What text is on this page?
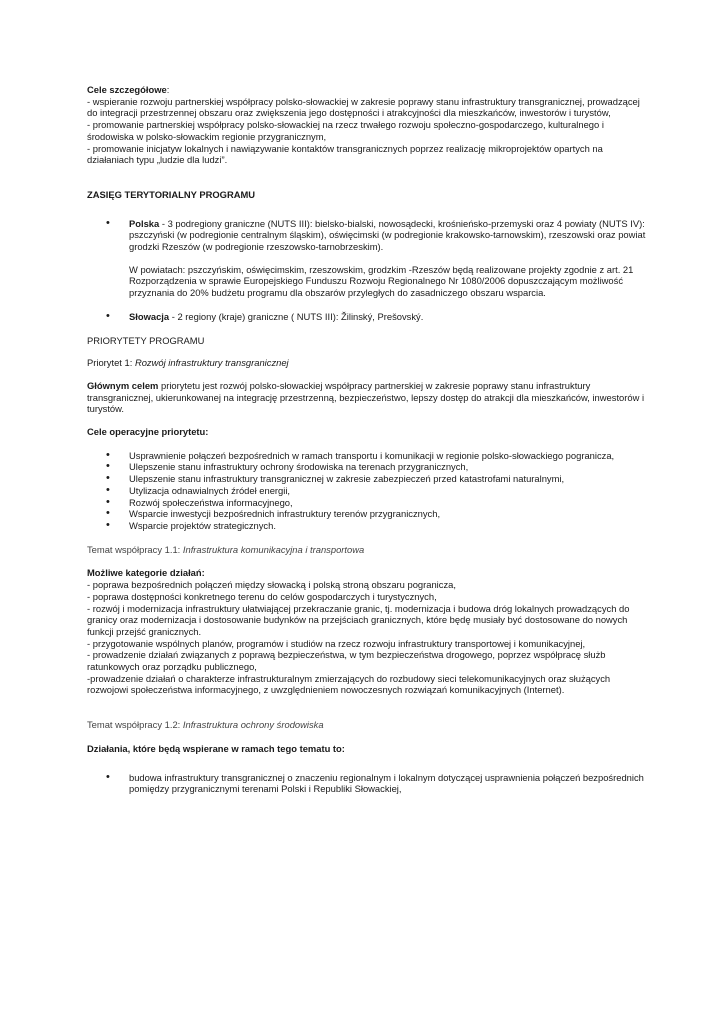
Cele szczegółowe:

- wspieranie rozwoju partnerskiej współpracy polsko-słowackiej w zakresie poprawy stanu infrastruktury transgranicznej, prowadzącej do integracji przestrzennej obszaru oraz zwiększenia jego dostępności i atrakcyjności dla mieszkańców, inwestorów i turystów,

- promowanie partnerskiej współpracy polsko-słowackiej na rzecz trwałego rozwoju społeczno-gospodarczego, kulturalnego i środowiska w polsko-słowackim regionie przygranicznym,

- promowanie inicjatyw lokalnych i nawiązywanie kontaktów transgranicznych poprzez realizację mikroprojektów opartych na działaniach typu „ludzie dla ludzi”.

ZASIĘG TERYTORIALNY PROGRAMU

• Polska - 3 podregiony graniczne (NUTS III): bielsko-bialski, nowosądecki, krośnieńsko-przemyski oraz 4 powiaty (NUTS IV): pszczyński (w podregionie centralnym śląskim), oświęcimski (w podregionie krakowsko-tarnowskim), rzeszowski oraz powiat grodzki Rzeszów (w podregionie rzeszowsko-tarnobrzeskim).

W powiatach: pszczyńskim, oświęcimskim, rzeszowskim, grodzkim -Rzeszów będą realizowane projekty zgodnie z art. 21 Rozporządzenia w sprawie Europejskiego Funduszu Rozwoju Regionalnego Nr 1080/2006 dopuszczającym możliwość przyznania do 20% budżetu programu dla obszarów przyległych do zasadniczego obszaru wsparcia.

• Słowacja - 2 regiony (kraje) graniczne ( NUTS III): Žilinský, Prešovský.

PRIORYTETY PROGRAMU

Priorytet 1: Rozwój infrastruktury transgranicznej

Głównym celem priorytetu jest rozwój polsko-słowackiej współpracy partnerskiej w zakresie poprawy stanu infrastruktury transgranicznej, ukierunkowanej na integrację przestrzenną, bezpieczeństwo, lepszy dostęp do atrakcji dla mieszkańców, inwestorów i turystów.

Cele operacyjne priorytetu:

• Usprawnienie połączeń bezpośrednich w ramach transportu i komunikacji w regionie polsko-słowackiego pogranicza,
• Ulepszenie stanu infrastruktury ochrony środowiska na terenach przygranicznych,
• Ulepszenie stanu infrastruktury transgranicznej w zakresie zabezpieczeń przed katastrofami naturalnymi,
• Utylizacja odnawialnych źródeł energii,
• Rozwój społeczeństwa informacyjnego,
• Wsparcie inwestycji bezpośrednich infrastruktury terenów przygranicznych,
• Wsparcie projektów strategicznych.

Temat współpracy 1.1: Infrastruktura komunikacyjna i transportowa

Możliwe kategorie działań:

- poprawa bezpośrednich połączeń między słowacką i polską stroną obszaru pogranicza,

- poprawa dostępności konkretnego terenu do celów gospodarczych i turystycznych,

- rozwój i modernizacja infrastruktury ułatwiającej przekraczanie granic, tj. modernizacja i budowa dróg lokalnych prowadzących do granicy oraz modernizacja i dostosowanie budynków na przejściach granicznych, które będę musiały być dostosowane do nowych funkcji przejść granicznych.

- przygotowanie wspólnych planów, programów i studiów na rzecz rozwoju infrastruktury transportowej i komunikacyjnej,

- prowadzenie działań związanych z poprawą bezpieczeństwa, w tym bezpieczeństwa drogowego, poprzez współpracę służb ratunkowych oraz porządku publicznego,

-prowadzenie działań o charakterze infrastrukturalnym zmierzających do rozbudowy sieci telekomunikacyjnych oraz służących rozwojowi społeczeństwa informacyjnego, z uwzględnieniem nowoczesnych rozwiązań komunikacyjnych (Internet).

Temat współpracy 1.2: Infrastruktura ochrony środowiska

Działania, które będą wspierane w ramach tego tematu to:

• budowa infrastruktury transgranicznej o znaczeniu regionalnym i lokalnym dotyczącej usprawnienia połączeń bezpośrednich pomiędzy przygranicznymi terenami Polski i Republiki Słowackiej,
